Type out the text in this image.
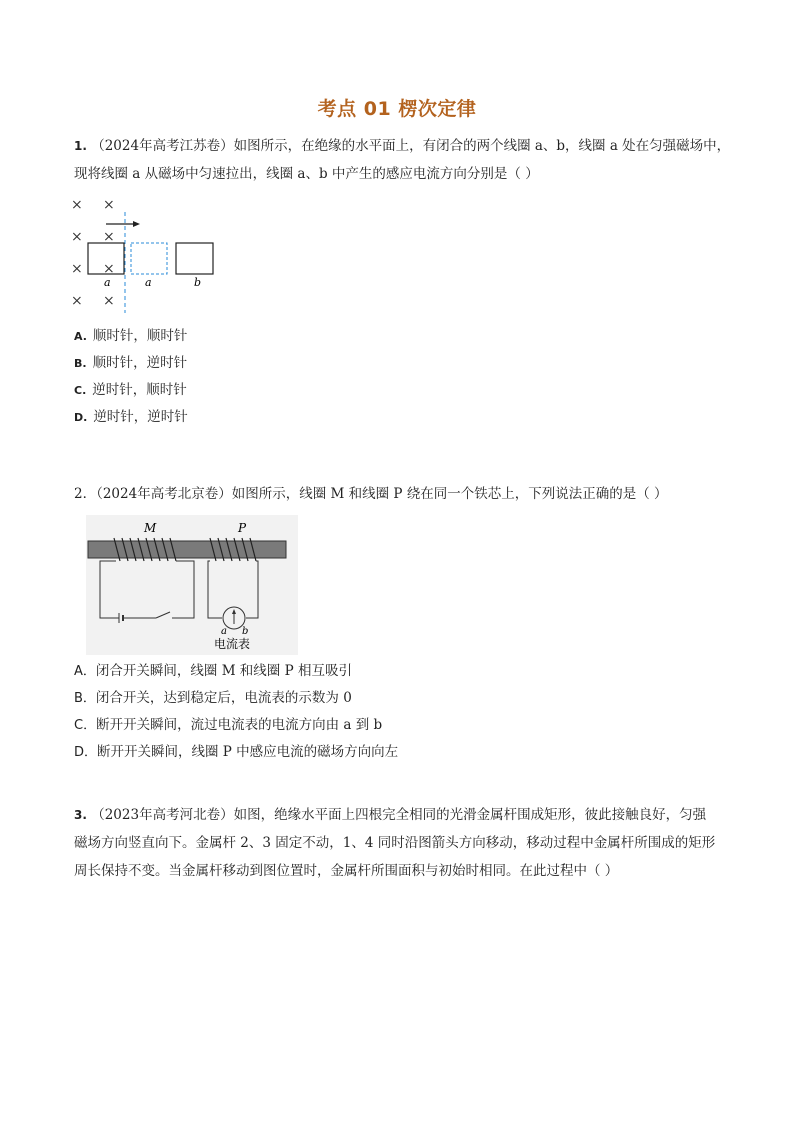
考点 01 楞次定律
1. （2024年高考江苏卷）如图所示，在绝缘的水平面上，有闭合的两个线圈 a、b，线圈 a 处在匀强磁场中，
现将线圈 a 从磁场中匀速拉出，线圈 a、b 中产生的感应电流方向分别是（ ）
× ×
× ×
× ×
× ×
a	a	b
A. 顺时针，顺时针
B. 顺时针，逆时针
C. 逆时针，顺时针
D. 逆时针，逆时针
2．（2024年高考北京卷）如图所示，线圈 M 和线圈 P 绕在同一个铁芯上，下列说法正确的是（ ）
M	P
a b
电流表
A．闭合开关瞬间，线圈 M 和线圈 P 相互吸引
B．闭合开关，达到稳定后，电流表的示数为 0
C．断开开关瞬间，流过电流表的电流方向由 a 到 b
D．断开开关瞬间，线圈 P 中感应电流的磁场方向向左
3. （2023年高考河北卷）如图，绝缘水平面上四根完全相同的光滑金属杆围成矩形，彼此接触良好，匀强
磁场方向竖直向下。金属杆 2、3 固定不动，1、4 同时沿图箭头方向移动，移动过程中金属杆所围成的矩形
周长保持不变。当金属杆移动到图位置时，金属杆所围面积与初始时相同。在此过程中（ ）
